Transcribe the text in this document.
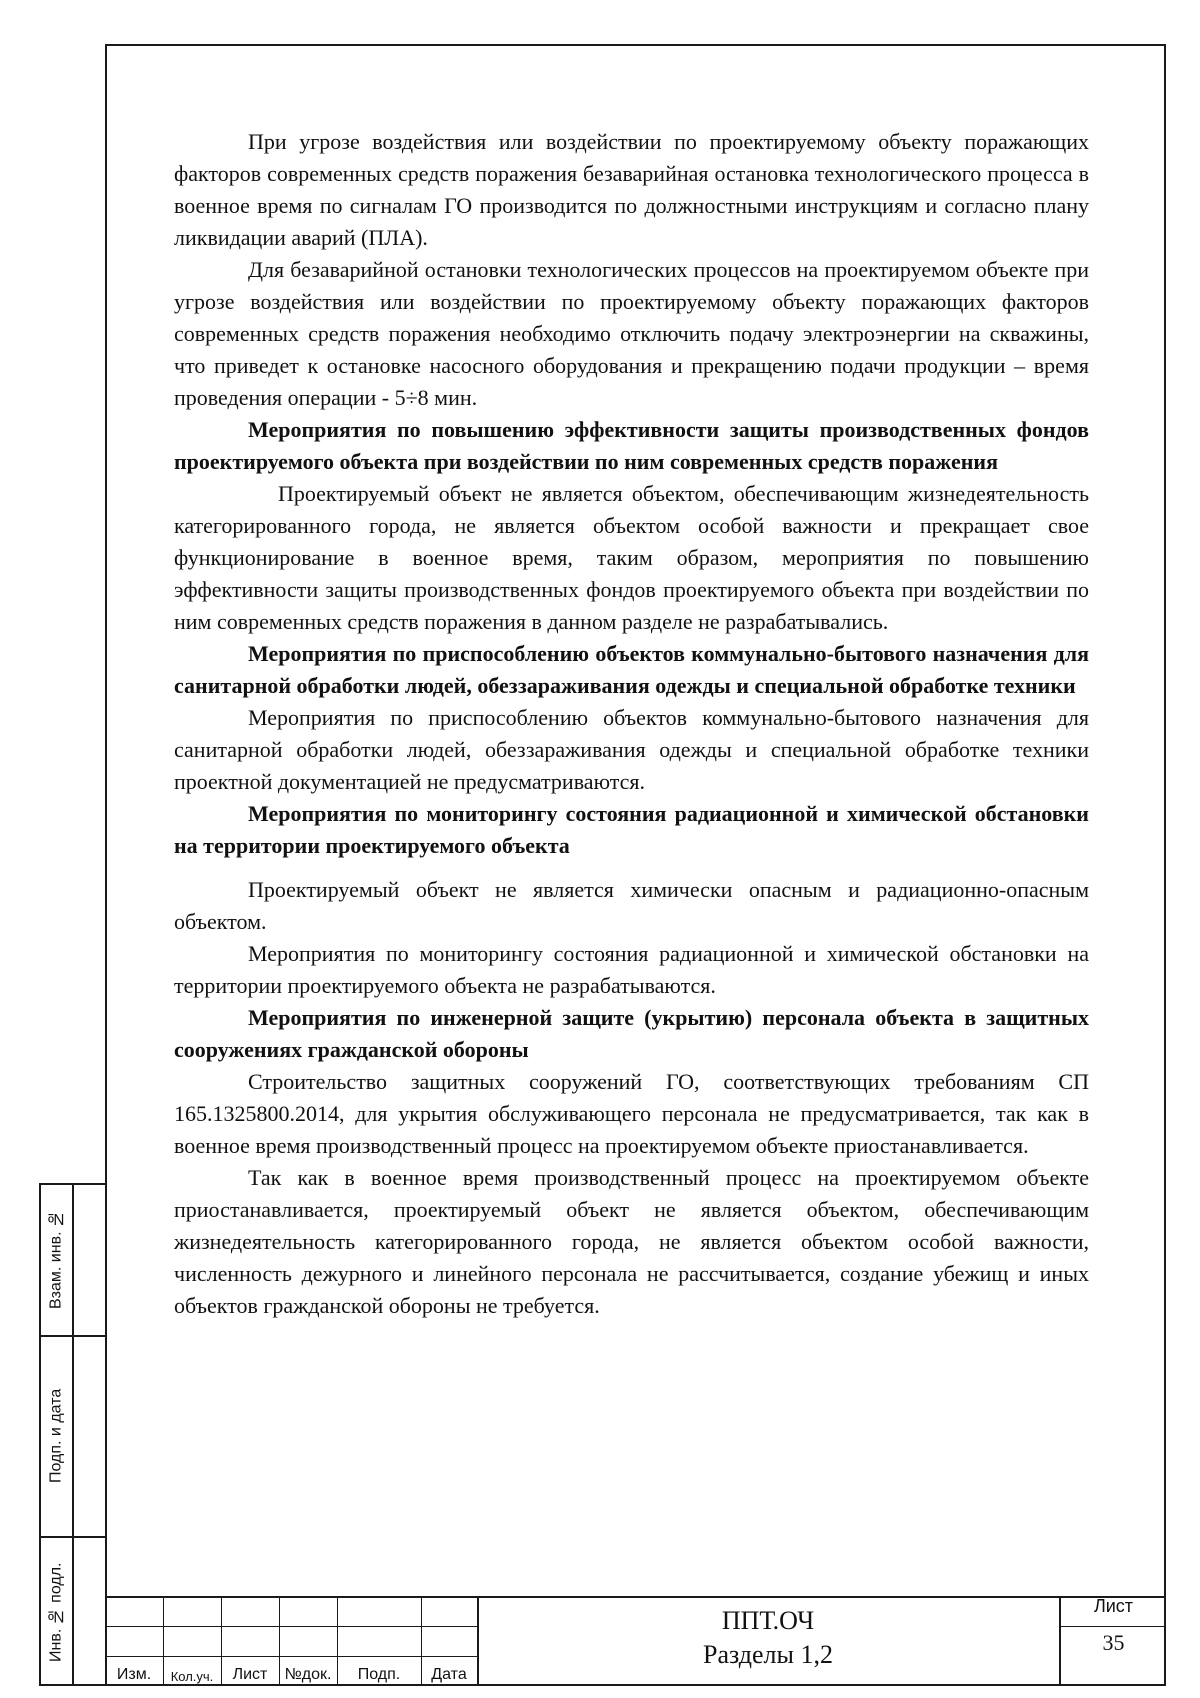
При угрозе воздействия или воздействии по проектируемому объекту поражающих факторов современных средств поражения безаварийная остановка технологического процесса в военное время по сигналам ГО производится по должностными инструкциям и согласно плану ликвидации аварий (ПЛА).

Для безаварийной остановки технологических процессов на проектируемом объекте при угрозе воздействия или воздействии по проектируемому объекту поражающих факторов современных средств поражения необходимо отключить подачу электроэнергии на скважины, что приведет к остановке насосного оборудования и прекращению подачи продукции – время проведения операции - 5÷8 мин.

Мероприятия по повышению эффективности защиты производственных фондов проектируемого объекта при воздействии по ним современных средств поражения

Проектируемый объект не является объектом, обеспечивающим жизнедеятельность категорированного города, не является объектом особой важности и прекращает свое функционирование в военное время, таким образом, мероприятия по повышению эффективности защиты производственных фондов проектируемого объекта при воздействии по ним современных средств поражения в данном разделе не разрабатывались.

Мероприятия по приспособлению объектов коммунально-бытового назначения для санитарной обработки людей, обеззараживания одежды и специальной обработке техники

Мероприятия по приспособлению объектов коммунально-бытового назначения для санитарной обработки людей, обеззараживания одежды и специальной обработке техники проектной документацией не предусматриваются.

Мероприятия по мониторингу состояния радиационной и химической обстановки на территории проектируемого объекта

Проектируемый объект не является химически опасным и радиационно-опасным объектом.

Мероприятия по мониторингу состояния радиационной и химической обстановки на территории проектируемого объекта не разрабатываются.

Мероприятия по инженерной защите (укрытию) персонала объекта в защитных сооружениях гражданской обороны

Строительство защитных сооружений ГО, соответствующих требованиям СП 165.1325800.2014, для укрытия обслуживающего персонала не предусматривается, так как в военное время производственный процесс на проектируемом объекте приостанавливается.

Так как в военное время производственный процесс на проектируемом объекте приостанавливается, проектируемый объект не является объектом, обеспечивающим жизнедеятельность категорированного города, не является объектом особой важности, численность дежурного и линейного персонала не рассчитывается, создание убежищ и иных объектов гражданской обороны не требуется.

Взам. инв. №
Подп. и дата
Инв. № подл.
Изм.	Кол.уч.	Лист	№док.	Подп.	Дата
ППТ.ОЧ
Разделы 1,2
Лист
35
